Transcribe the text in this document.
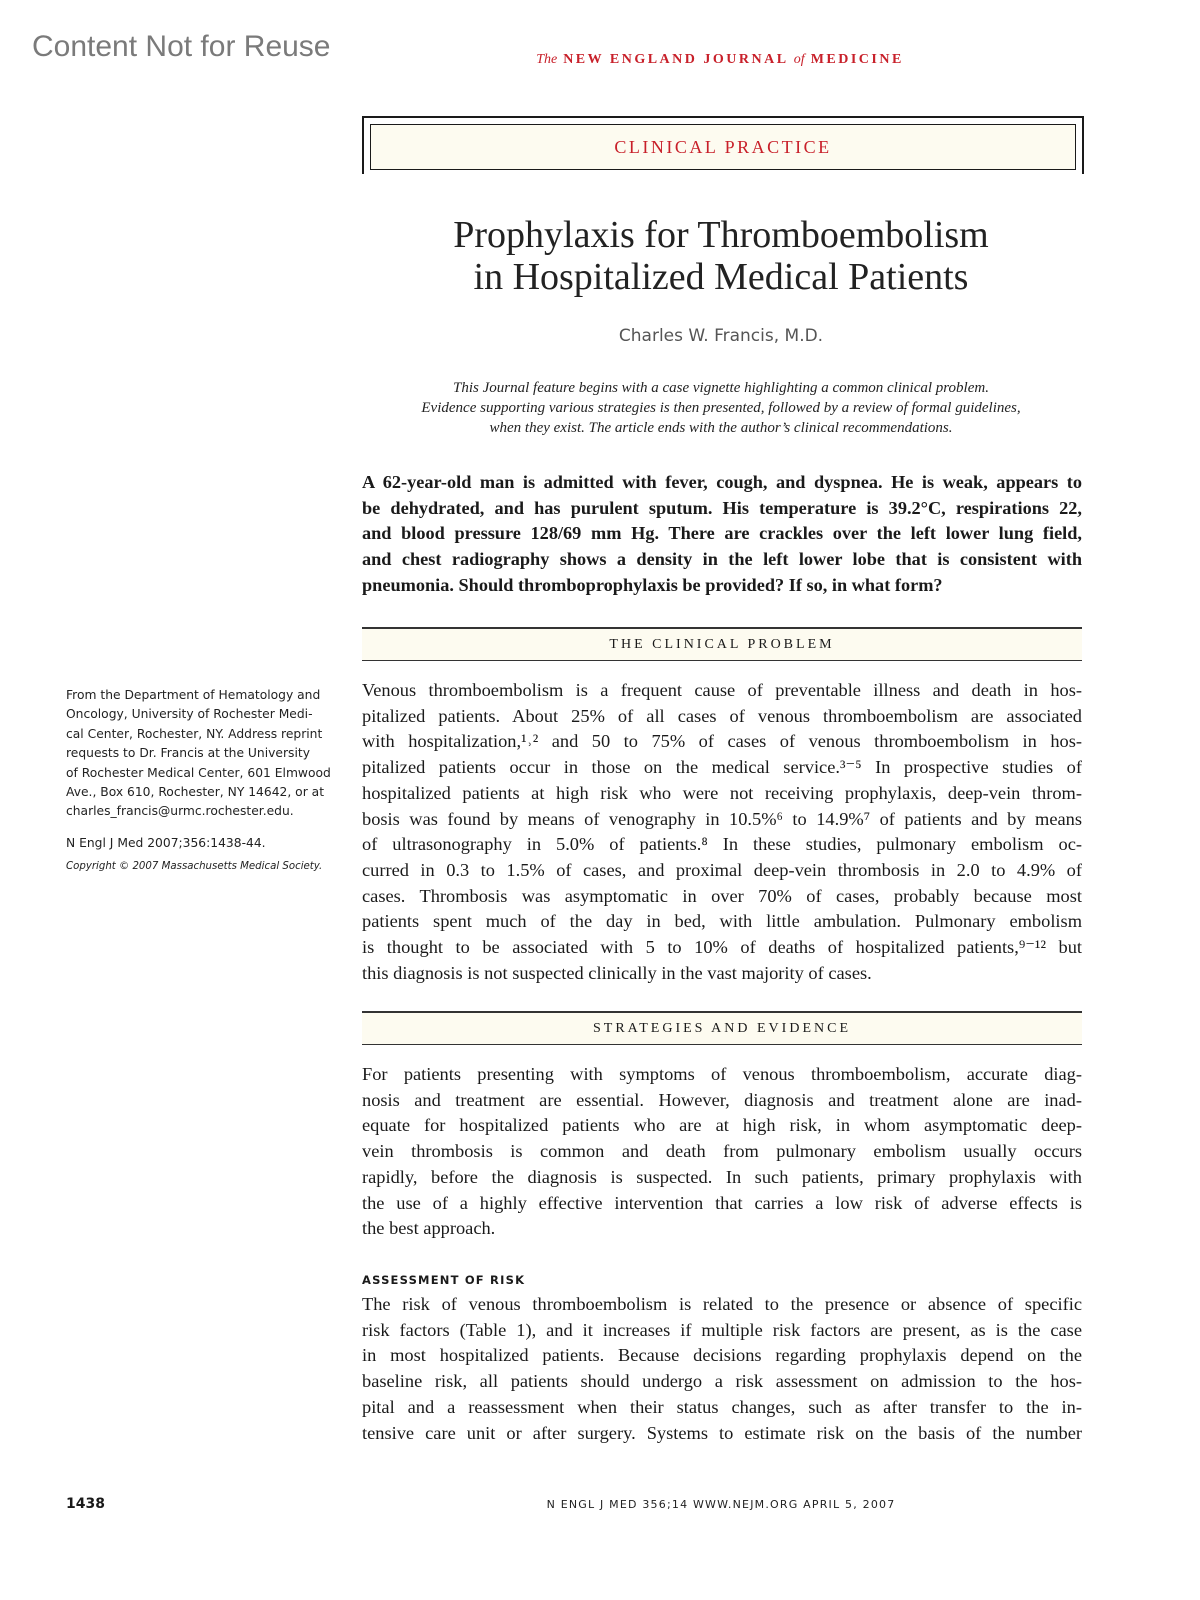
Content Not for Reuse	The NEW ENGLAND JOURNAL of MEDICINE
CLINICAL PRACTICE
Prophylaxis for Thromboembolism
in Hospitalized Medical Patients
Charles W. Francis, M.D.
This Journal feature begins with a case vignette highlighting a common clinical problem.
Evidence supporting various strategies is then presented, followed by a review of formal guidelines,
when they exist. The article ends with the author’s clinical recommendations.
A 62-year-old man is admitted with fever, cough, and dyspnea. He is weak, appears to
be dehydrated, and has purulent sputum. His temperature is 39.2°C, respirations 22,
and blood pressure 128/69 mm Hg. There are crackles over the left lower lung field,
and chest radiography shows a density in the left lower lobe that is consistent with
pneumonia. Should thromboprophylaxis be provided? If so, in what form?
THE CLINICAL PROBLEM
Venous thromboembolism is a frequent cause of preventable illness and death in hos-
pitalized patients. About 25% of all cases of venous thromboembolism are associated
with hospitalization,¹˒² and 50 to 75% of cases of venous thromboembolism in hos-
pitalized patients occur in those on the medical service.³⁻⁵ In prospective studies of
hospitalized patients at high risk who were not receiving prophylaxis, deep-vein throm-
bosis was found by means of venography in 10.5%⁶ to 14.9%⁷ of patients and by means
of ultrasonography in 5.0% of patients.⁸ In these studies, pulmonary embolism oc-
curred in 0.3 to 1.5% of cases, and proximal deep-vein thrombosis in 2.0 to 4.9% of
cases. Thrombosis was asymptomatic in over 70% of cases, probably because most
patients spent much of the day in bed, with little ambulation. Pulmonary embolism
is thought to be associated with 5 to 10% of deaths of hospitalized patients,⁹⁻¹² but
this diagnosis is not suspected clinically in the vast majority of cases.
STRATEGIES AND EVIDENCE
For patients presenting with symptoms of venous thromboembolism, accurate diag-
nosis and treatment are essential. However, diagnosis and treatment alone are inad-
equate for hospitalized patients who are at high risk, in whom asymptomatic deep-
vein thrombosis is common and death from pulmonary embolism usually occurs
rapidly, before the diagnosis is suspected. In such patients, primary prophylaxis with
the use of a highly effective intervention that carries a low risk of adverse effects is
the best approach.
ASSESSMENT OF RISK
The risk of venous thromboembolism is related to the presence or absence of specific
risk factors (Table 1), and it increases if multiple risk factors are present, as is the case
in most hospitalized patients. Because decisions regarding prophylaxis depend on the
baseline risk, all patients should undergo a risk assessment on admission to the hos-
pital and a reassessment when their status changes, such as after transfer to the in-
tensive care unit or after surgery. Systems to estimate risk on the basis of the number
From the Department of Hematology and
Oncology, University of Rochester Medi-
cal Center, Rochester, NY. Address reprint
requests to Dr. Francis at the University
of Rochester Medical Center, 601 Elmwood
Ave., Box 610, Rochester, NY 14642, or at
charles_francis@urmc.rochester.edu.
N Engl J Med 2007;356:1438-44.
Copyright © 2007 Massachusetts Medical Society.
1438	N ENGL J MED 356;14 WWW.NEJM.ORG APRIL 5, 2007
